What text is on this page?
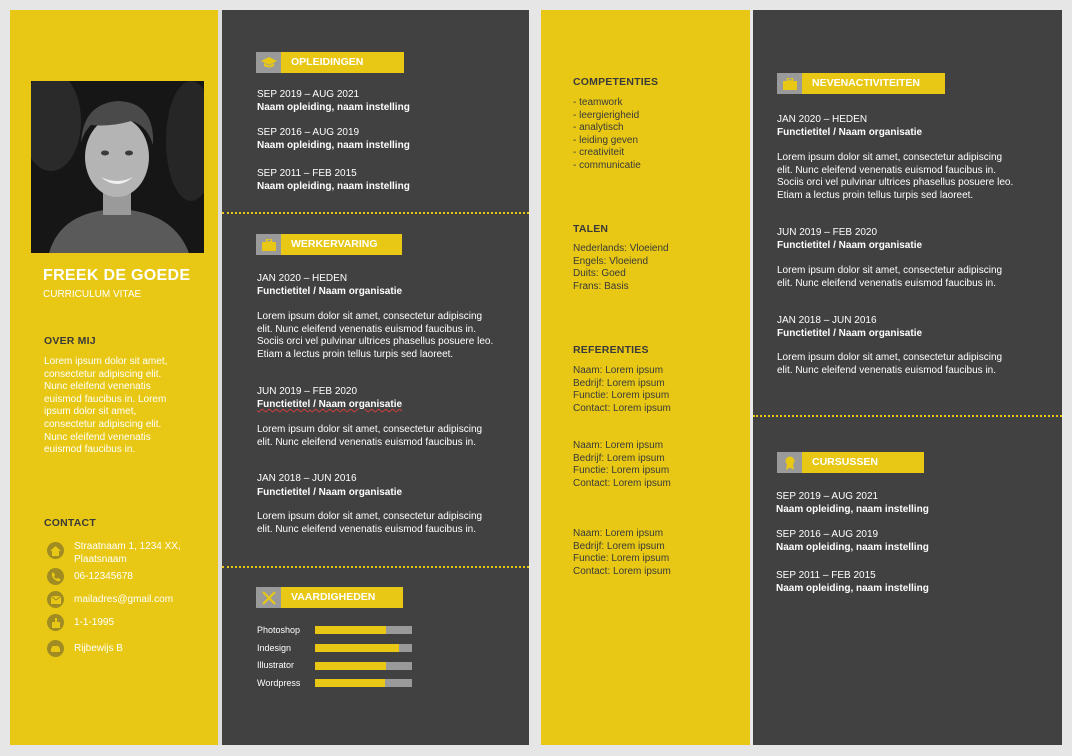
FREEK DE GOEDE
CURRICULUM VITAE
OVER MIJ
Lorem ipsum dolor sit amet, consectetur adipiscing elit. Nunc eleifend venenatis euismod faucibus in. Lorem ipsum dolor sit amet, consectetur adipiscing elit. Nunc eleifend venenatis euismod faucibus in.
CONTACT
Straatnaam 1, 1234 XX, Plaatsnaam
06-12345678
mailadres@gmail.com
1-1-1995
Rijbewijs B
OPLEIDINGEN
SEP 2019 – AUG 2021
Naam opleiding, naam instelling
SEP 2016 – AUG 2019
Naam opleiding, naam instelling
SEP 2011 – FEB 2015
Naam opleiding, naam instelling
WERKERVARING
JAN 2020 – HEDEN
Functietitel / Naam organisatie
Lorem ipsum dolor sit amet, consectetur adipiscing elit. Nunc eleifend venenatis euismod faucibus in. Sociis orci vel pulvinar ultrices phasellus posuere leo. Etiam a lectus proin tellus turpis sed laoreet.
JUN 2019 – FEB 2020
Functietitel / Naam organisatie
Lorem ipsum dolor sit amet, consectetur adipiscing elit. Nunc eleifend venenatis euismod faucibus in.
JAN 2018 – JUN 2016
Functietitel / Naam organisatie
Lorem ipsum dolor sit amet, consectetur adipiscing elit. Nunc eleifend venenatis euismod faucibus in.
VAARDIGHEDEN
Photoshop
Indesign
Illustrator
Wordpress
COMPETENTIES
- teamwork
- leergierigheid
- analytisch
- leiding geven
- creativiteit
- communicatie
TALEN
Nederlands: Vloeiend
Engels: Vloeiend
Duits: Goed
Frans: Basis
REFERENTIES
Naam: Lorem ipsum
Bedrijf: Lorem ipsum
Functie: Lorem ipsum
Contact: Lorem ipsum
Naam: Lorem ipsum
Bedrijf: Lorem ipsum
Functie: Lorem ipsum
Contact: Lorem ipsum
Naam: Lorem ipsum
Bedrijf: Lorem ipsum
Functie: Lorem ipsum
Contact: Lorem ipsum
NEVENACTIVITEITEN
JAN 2020 – HEDEN
Functietitel / Naam organisatie
Lorem ipsum dolor sit amet, consectetur adipiscing elit. Nunc eleifend venenatis euismod faucibus in. Sociis orci vel pulvinar ultrices phasellus posuere leo. Etiam a lectus proin tellus turpis sed laoreet.
JUN 2019 – FEB 2020
Functietitel / Naam organisatie
Lorem ipsum dolor sit amet, consectetur adipiscing elit. Nunc eleifend venenatis euismod faucibus in.
JAN 2018 – JUN 2016
Functietitel / Naam organisatie
Lorem ipsum dolor sit amet, consectetur adipiscing elit. Nunc eleifend venenatis euismod faucibus in.
CURSUSSEN
SEP 2019 – AUG 2021
Naam opleiding, naam instelling
SEP 2016 – AUG 2019
Naam opleiding, naam instelling
SEP 2011 – FEB 2015
Naam opleiding, naam instelling
